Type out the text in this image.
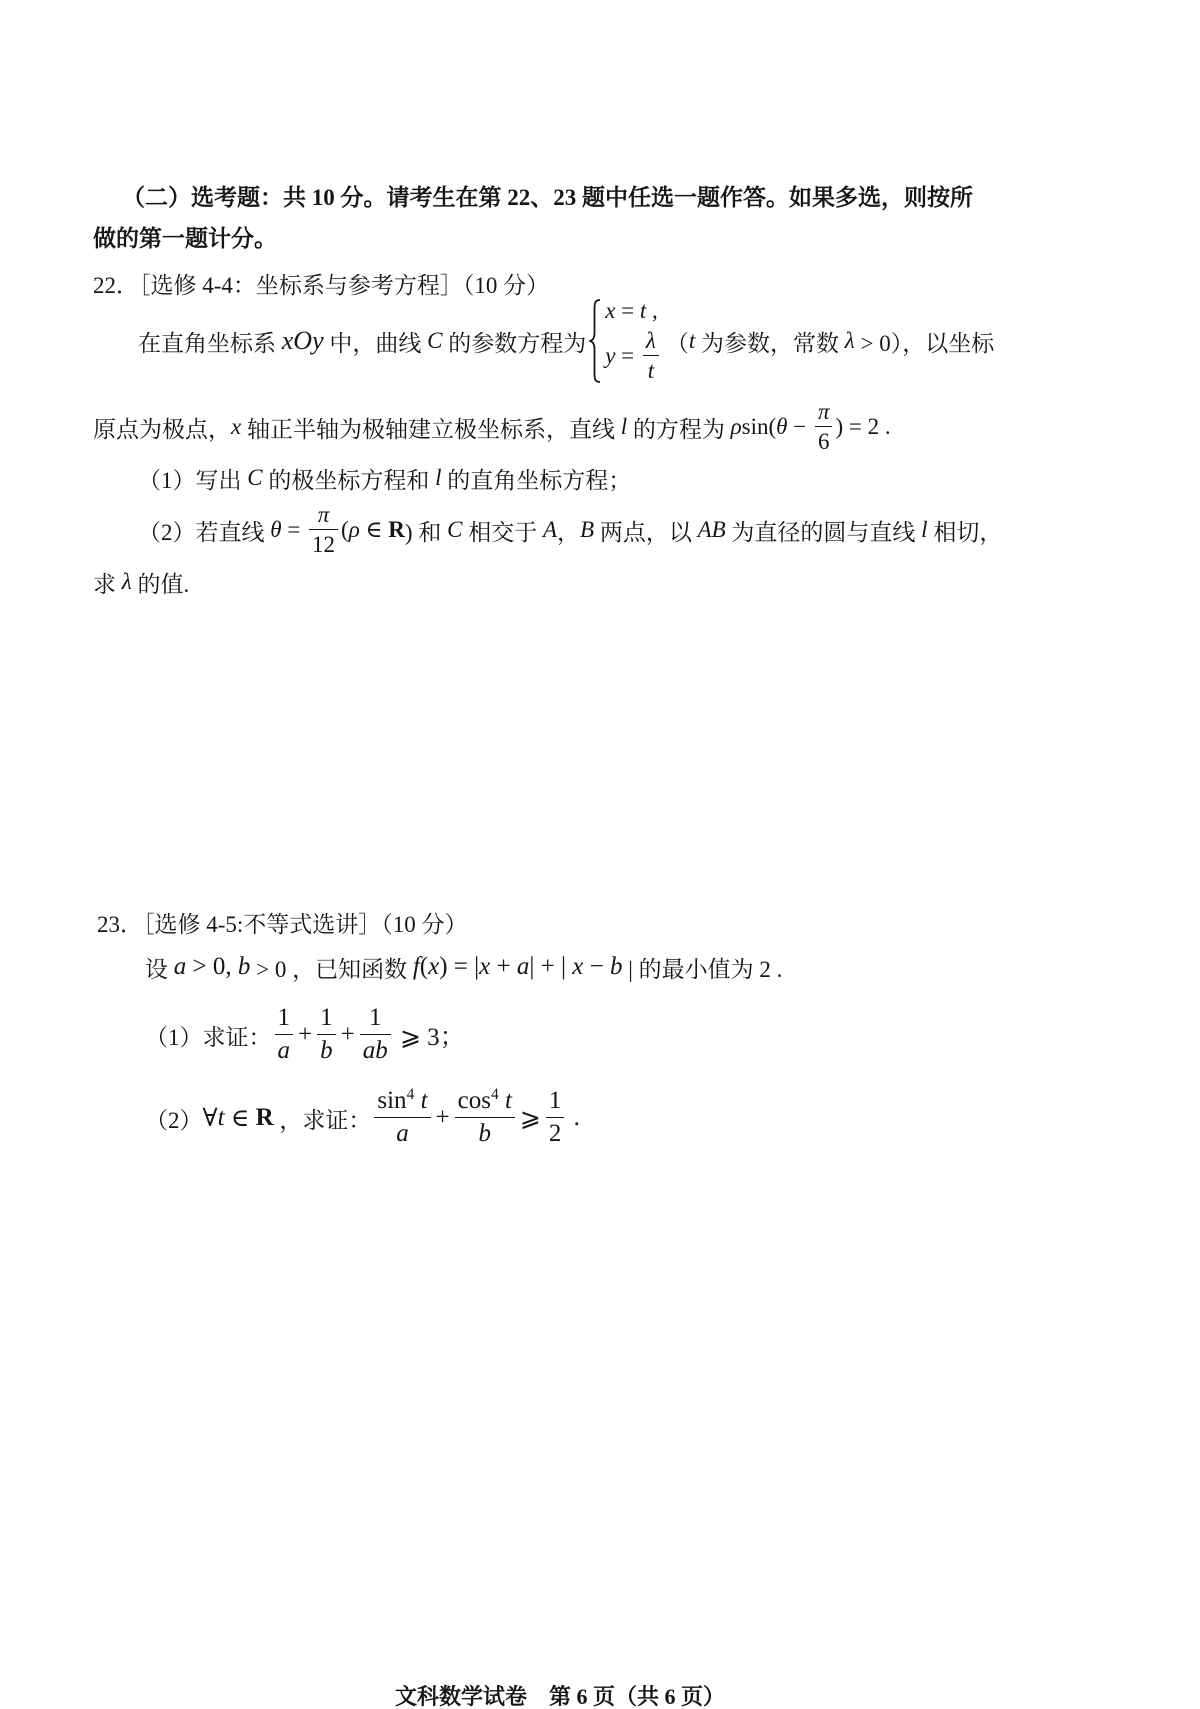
（二）选考题：共 10 分。请考生在第 22、23 题中任选一题作答。如果多选，则按所
做的第一题计分。
22．［选修 4-4：坐标系与参考方程］（10 分）
在直角坐标系 xOy 中，曲线 C 的参数方程为
x = t ,
$y = \frac{\lambda}{t}$ （ t 为参数，常数 λ > 0），以坐标
原点为极点， x 轴正半轴为极轴建立极坐标系，直线 l 的方程为 ρ sin( $\theta - \frac{\pi}{6}$ ) = 2 .
（1）写出 C 的极坐标方程和 l 的直角坐标方程；
（2）若直线 $\theta = \frac{\pi}{12}$ ( ρ ∈ R ) 和 C 相交于 A ， B 两点，以 AB 为直径的圆与直线 l 相切，
求 λ 的值.
23．［选修 4-5:不等式选讲］（10 分）
设 a > 0, b > 0 ，已知函数 f ( x ) = | x + a | + | x − b | 的最小值为 2 .
（1）求证： $\frac{1}{a} + \frac{1}{b} + \frac{1}{ab}$ ⩾ 3；
（2） ∀ t ∈ R ，求证： $\frac{\sin 4 t}{a} + \frac{\cos 4 t}{b}$ ⩾ $\frac{1}{2}$ .
文科数学试卷　第 6 页（共 6 页）
